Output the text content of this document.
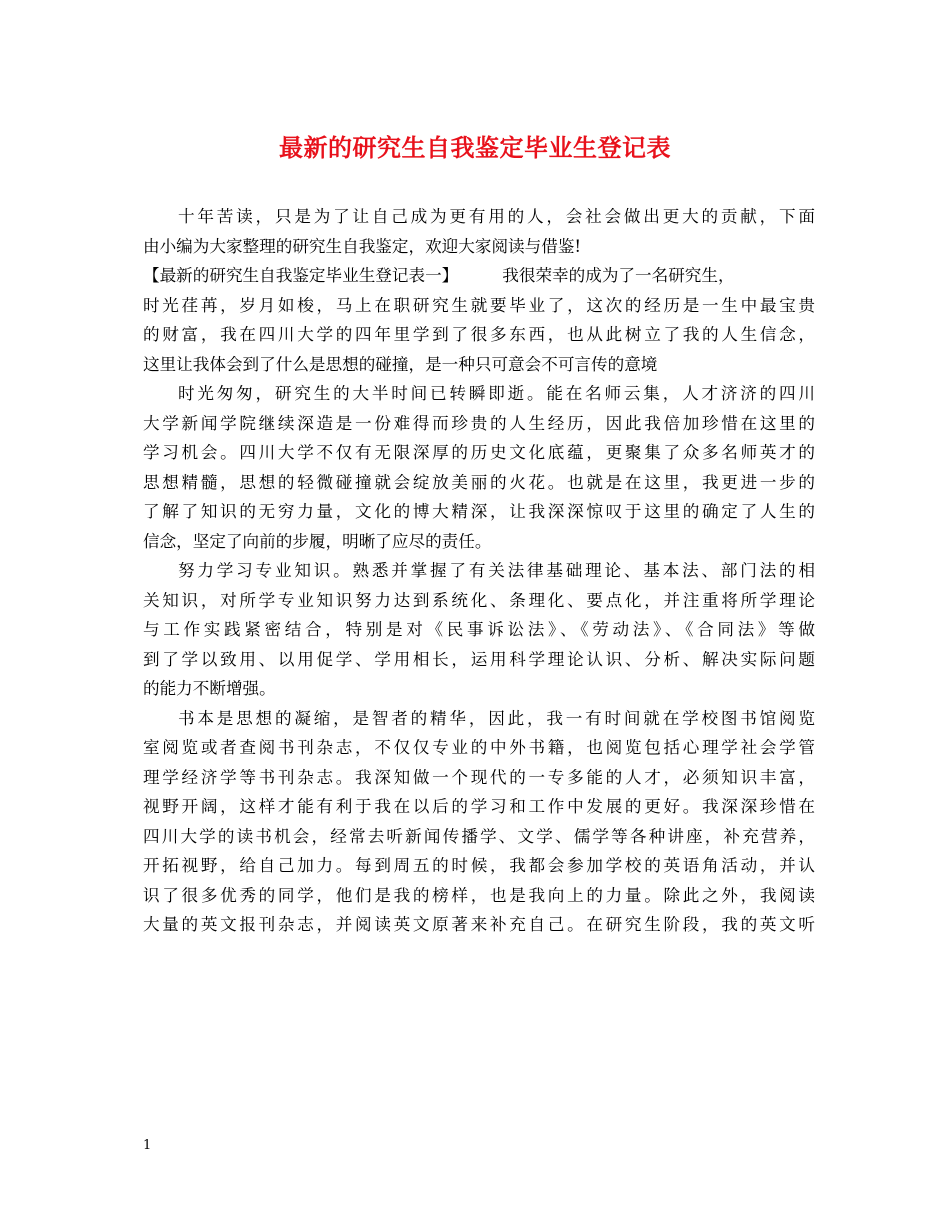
最新的研究生自我鉴定毕业生登记表
十年苦读，只是为了让自己成为更有用的人，会社会做出更大的贡献，下面
由小编为大家整理的研究生自我鉴定，欢迎大家阅读与借鉴!
【最新的研究生自我鉴定毕业生登记表一】	我很荣幸的成为了一名研究生，
时光荏苒，岁月如梭，马上在职研究生就要毕业了，这次的经历是一生中最宝贵
的财富，我在四川大学的四年里学到了很多东西，也从此树立了我的人生信念，
这里让我体会到了什么是思想的碰撞，是一种只可意会不可言传的意境
时光匆匆，研究生的大半时间已转瞬即逝。能在名师云集，人才济济的四川
大学新闻学院继续深造是一份难得而珍贵的人生经历，因此我倍加珍惜在这里的
学习机会。四川大学不仅有无限深厚的历史文化底蕴，更聚集了众多名师英才的
思想精髓，思想的轻微碰撞就会绽放美丽的火花。也就是在这里，我更进一步的
了解了知识的无穷力量，文化的博大精深，让我深深惊叹于这里的确定了人生的
信念，坚定了向前的步履，明晰了应尽的责任。
努力学习专业知识。熟悉并掌握了有关法律基础理论、基本法、部门法的相
关知识，对所学专业知识努力达到系统化、条理化、要点化，并注重将所学理论
与工作实践紧密结合，特别是对《民事诉讼法》、《劳动法》、《合同法》等做
到了学以致用、以用促学、学用相长，运用科学理论认识、分析、解决实际问题
的能力不断增强。
书本是思想的凝缩，是智者的精华，因此，我一有时间就在学校图书馆阅览
室阅览或者查阅书刊杂志，不仅仅专业的中外书籍，也阅览包括心理学社会学管
理学经济学等书刊杂志。我深知做一个现代的一专多能的人才，必须知识丰富，
视野开阔，这样才能有利于我在以后的学习和工作中发展的更好。我深深珍惜在
四川大学的读书机会，经常去听新闻传播学、文学、儒学等各种讲座，补充营养，
开拓视野，给自己加力。每到周五的时候，我都会参加学校的英语角活动，并认
识了很多优秀的同学，他们是我的榜样，也是我向上的力量。除此之外，我阅读
大量的英文报刊杂志，并阅读英文原著来补充自己。在研究生阶段，我的英文听
1
